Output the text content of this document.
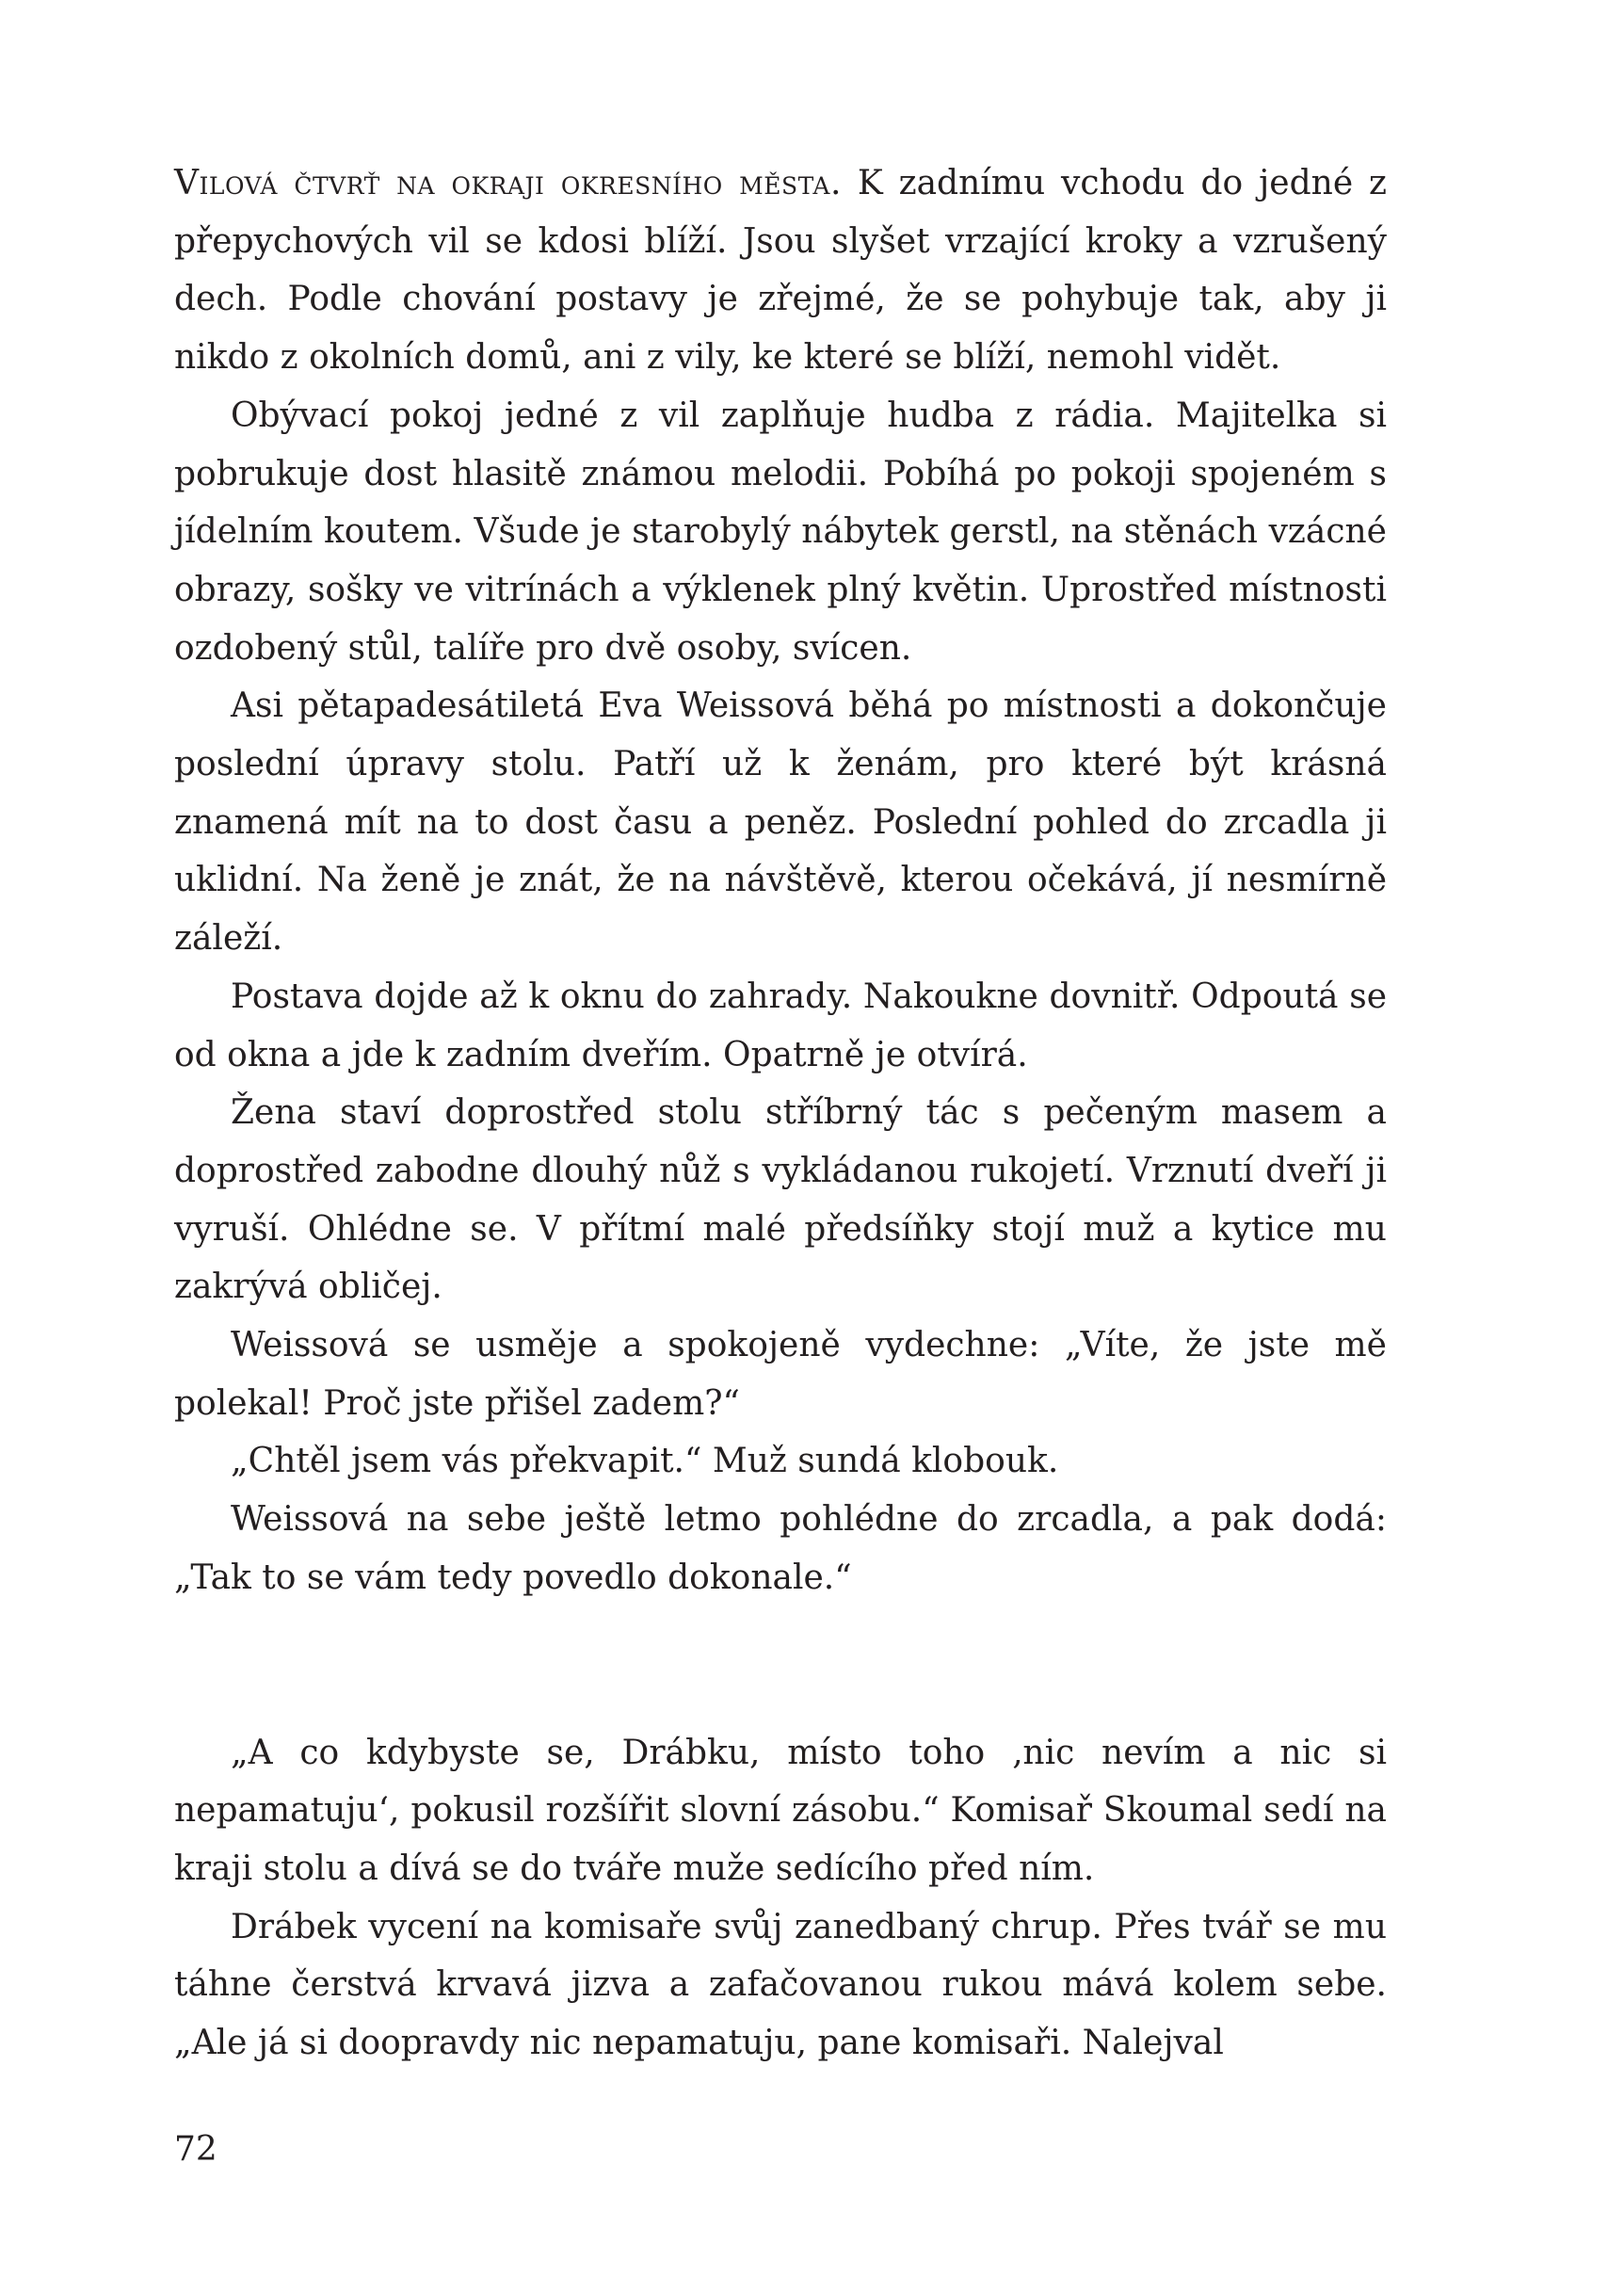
Vilová čtvrť na okraji okresního města. K zadnímu vchodu do jedné z přepychových vil se kdosi blíží. Jsou slyšet vrzající kroky a vzrušený dech. Podle chování postavy je zřejmé, že se pohybuje tak, aby ji nikdo z okolních domů, ani z vily, ke které se blíží, nemohl vidět.

Obývací pokoj jedné z vil zaplňuje hudba z rádia. Majitelka si pobrukuje dost hlasitě známou melodii. Pobíhá po pokoji spojeném s jídelním koutem. Všude je starobylý nábytek gerstl, na stěnách vzácné obrazy, sošky ve vitrínách a výklenek plný květin. Uprostřed místnosti ozdobený stůl, talíře pro dvě osoby, svícen.

Asi pětapadesátiletá Eva Weissová běhá po místnosti a dokončuje poslední úpravy stolu. Patří už k ženám, pro které být krásná znamená mít na to dost času a peněz. Poslední pohled do zrcadla ji uklidní. Na ženě je znát, že na návštěvě, kterou očekává, jí nesmírně záleží.

Postava dojde až k oknu do zahrady. Nakoukne dovnitř. Odpoutá se od okna a jde k zadním dveřím. Opatrně je otvírá.

Žena staví doprostřed stolu stříbrný tác s pečeným masem a doprostřed zabodne dlouhý nůž s vykládanou rukojetí. Vrznutí dveří ji vyruší. Ohlédne se. V přítmí malé předsíňky stojí muž a kytice mu zakrývá obličej.

Weissová se usměje a spokojeně vydechne: „Víte, že jste mě polekal! Proč jste přišel zadem?“

„Chtěl jsem vás překvapit.“ Muž sundá klobouk.

Weissová na sebe ještě letmo pohlédne do zrcadla, a pak dodá: „Tak to se vám tedy povedlo dokonale.“

„A co kdybyste se, Drábku, místo toho ‚nic nevím a nic si nepamatuju‘, pokusil rozšířit slovní zásobu.“ Komisař Skoumal sedí na kraji stolu a dívá se do tváře muže sedícího před ním.

Drábek vycení na komisaře svůj zanedbaný chrup. Přes tvář se mu táhne čerstvá krvavá jizva a zafačovanou rukou mává kolem sebe. „Ale já si doopravdy nic nepamatuju, pane komisaři. Nalejval

72
